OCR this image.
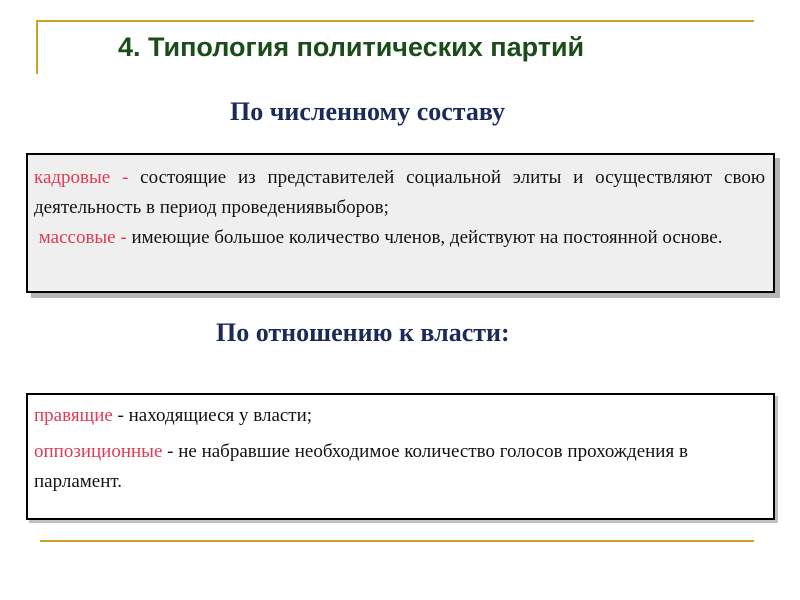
4. Типология политических партий
По численному составу

кадровые - состоящие из представителей социальной элиты и осуществляют свою деятельность в период проведениявыборов;

массовые - имеющие большое количество членов, действуют на постоянной основе.

По отношению к власти:

правящие - находящиеся у власти;

оппозиционные - не набравшие необходимое количество голосов прохождения в парламент.
